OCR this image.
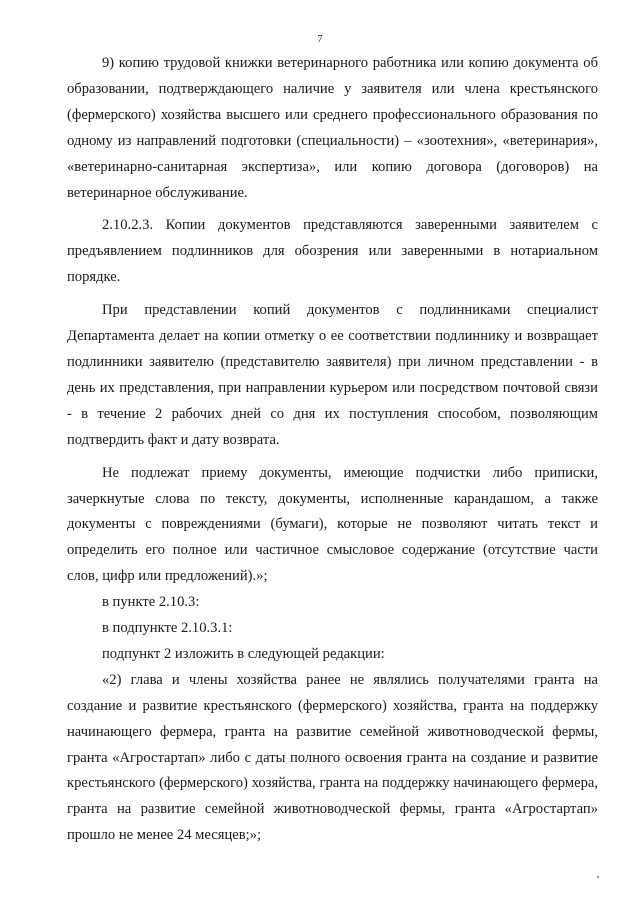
7

9) копию трудовой книжки ветеринарного работника или копию документа об образовании, подтверждающего наличие у заявителя или члена крестьянского (фермерского) хозяйства высшего или среднего профессионального образования по одному из направлений подготовки (специальности) – «зоотехния», «ветеринария», «ветеринарно-санитарная экспертиза», или копию договора (договоров) на ветеринарное обслуживание.

2.10.2.3. Копии документов представляются заверенными заявителем с предъявлением подлинников для обозрения или заверенными в нотариальном порядке.

При представлении копий документов с подлинниками специалист Департамента делает на копии отметку о ее соответствии подлиннику и возвращает подлинники заявителю (представителю заявителя) при личном представлении - в день их представления, при направлении курьером или посредством почтовой связи - в течение 2 рабочих дней со дня их поступления способом, позволяющим подтвердить факт и дату возврата.

Не подлежат приему документы, имеющие подчистки либо приписки, зачеркнутые слова по тексту, документы, исполненные карандашом, а также документы с повреждениями (бумаги), которые не позволяют читать текст и определить его полное или частичное смысловое содержание (отсутствие части слов, цифр или предложений).»;

в пункте 2.10.3:

в подпункте 2.10.3.1:

подпункт 2 изложить в следующей редакции:

«2) глава и члены хозяйства ранее не являлись получателями гранта на создание и развитие крестьянского (фермерского) хозяйства, гранта на поддержку начинающего фермера, гранта на развитие семейной животноводческой фермы, гранта «Агростартап» либо с даты полного освоения гранта на создание и развитие крестьянского (фермерского) хозяйства, гранта на поддержку начинающего фермера, гранта на развитие семейной животноводческой фермы, гранта «Агростартап» прошло не менее 24 месяцев;»;
